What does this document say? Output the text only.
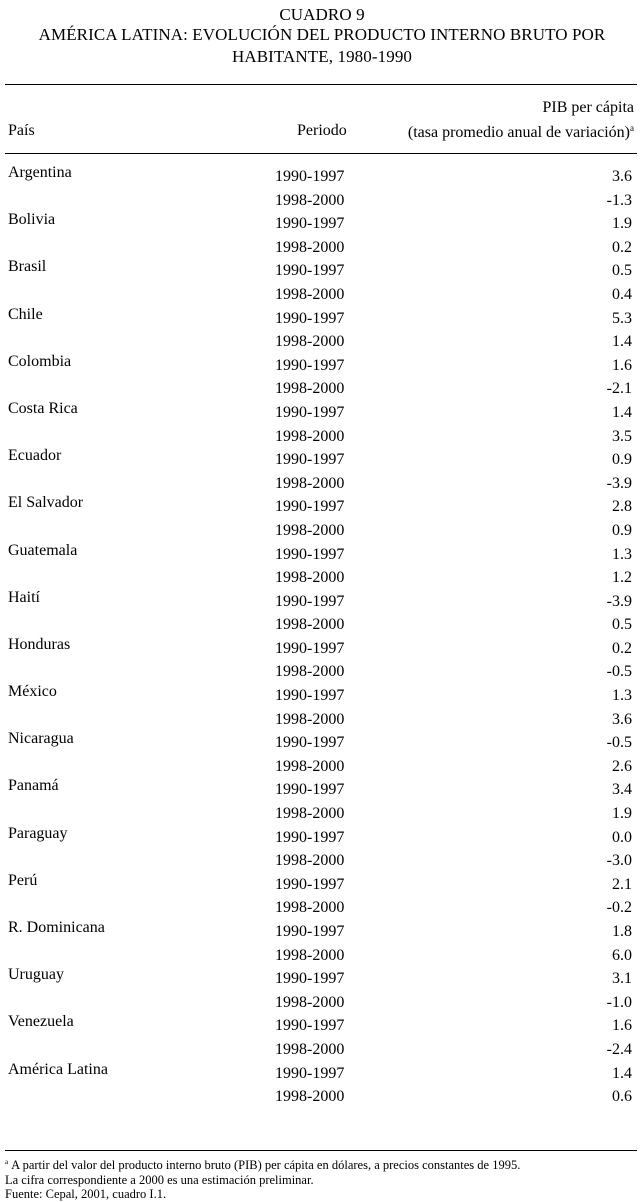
CUADRO 9
AMÉRICA LATINA: EVOLUCIÓN DEL PRODUCTO INTERNO BRUTO POR
HABITANTE, 1980-1990
País	Periodo
PIB per cápita
(tasa promedio anual de variación)$^a$
Argentina	1990-1997	3.6
1998-2000	-1.3
Bolivia	1990-1997	1.9
1998-2000	0.2
Brasil	1990-1997	0.5
1998-2000	0.4
Chile	1990-1997	5.3
1998-2000	1.4
Colombia	1990-1997	1.6
1998-2000	-2.1
Costa Rica	1990-1997	1.4
1998-2000	3.5
Ecuador	1990-1997	0.9
1998-2000	-3.9
El Salvador	1990-1997	2.8
1998-2000	0.9
Guatemala	1990-1997	1.3
1998-2000	1.2
Haití	1990-1997	-3.9
1998-2000	0.5
Honduras	1990-1997	0.2
1998-2000	-0.5
México	1990-1997	1.3
1998-2000	3.6
Nicaragua	1990-1997	-0.5
1998-2000	2.6
Panamá	1990-1997	3.4
1998-2000	1.9
Paraguay	1990-1997	0.0
1998-2000	-3.0
Perú	1990-1997	2.1
1998-2000	-0.2
R. Dominicana	1990-1997	1.8
1998-2000	6.0
Uruguay	1990-1997	3.1
1998-2000	-1.0
Venezuela	1990-1997	1.6
1998-2000	-2.4
América Latina	1990-1997	1.4
1998-2000	0.6
$^a$ A partir del valor del producto interno bruto (PIB) per cápita en dólares, a precios constantes de 1995.
La cifra correspondiente a 2000 es una estimación preliminar.
Fuente: Cepal, 2001, cuadro I.1.
